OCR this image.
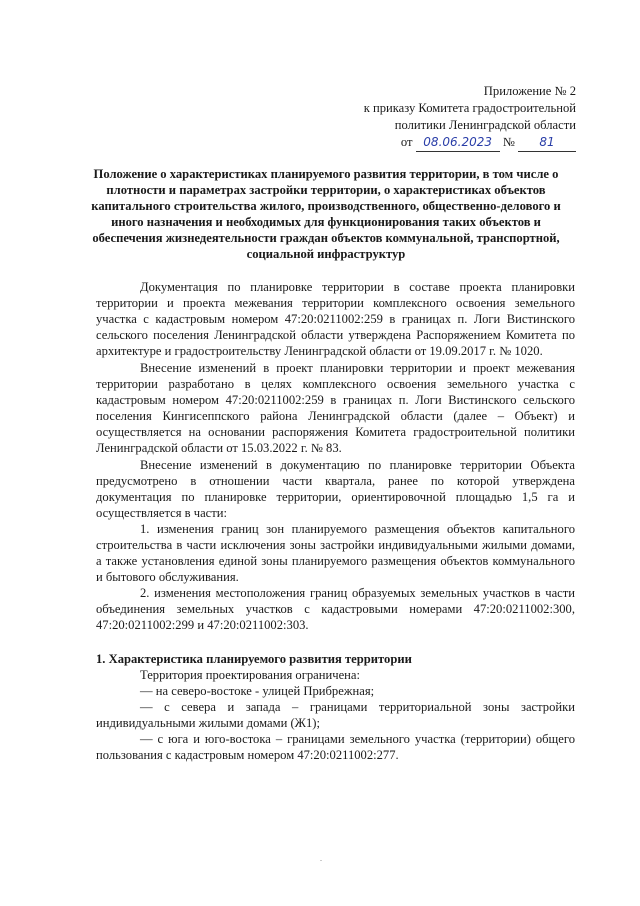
Приложение № 2
к приказу Комитета градостроительной
политики Ленинградской области
от 08.06.2023 № 81
Положение о характеристиках планируемого развития территории, в том числе о плотности и параметрах застройки территории, о характеристиках объектов капитального строительства жилого, производственного, общественно-делового и иного назначения и необходимых для функционирования таких объектов и обеспечения жизнедеятельности граждан объектов коммунальной, транспортной, социальной инфраструктур

Документация по планировке территории в составе проекта планировки территории и проекта межевания территории комплексного освоения земельного участка с кадастровым номером 47:20:0211002:259 в границах п. Логи Вистинского сельского поселения Ленинградской области утверждена Распоряжением Комитета по архитектуре и градостроительству Ленинградской области от 19.09.2017 г. № 1020.

Внесение изменений в проект планировки территории и проект межевания территории разработано в целях комплексного освоения земельного участка с кадастровым номером 47:20:0211002:259 в границах п. Логи Вистинского сельского поселения Кингисеппского района Ленинградской области (далее – Объект) и осуществляется на основании распоряжения Комитета градостроительной политики Ленинградской области от 15.03.2022 г. № 83.

Внесение изменений в документацию по планировке территории Объекта предусмотрено в отношении части квартала, ранее по которой утверждена документация по планировке территории, ориентировочной площадью 1,5 га и осуществляется в части:

1. изменения границ зон планируемого размещения объектов капитального строительства в части исключения зоны застройки индивидуальными жилыми домами, а также установления единой зоны планируемого размещения объектов коммунального и бытового обслуживания.

2. изменения местоположения границ образуемых земельных участков в части объединения земельных участков с кадастровыми номерами 47:20:0211002:300, 47:20:0211002:299 и 47:20:0211002:303.

1. Характеристика планируемого развития территории

Территория проектирования ограничена:

— на северо-востоке - улицей Прибрежная;

— с севера и запада – границами территориальной зоны застройки индивидуальными жилыми домами (Ж1);

— с юга и юго-востока – границами земельного участка (территории) общего пользования с кадастровым номером 47:20:0211002:277.
